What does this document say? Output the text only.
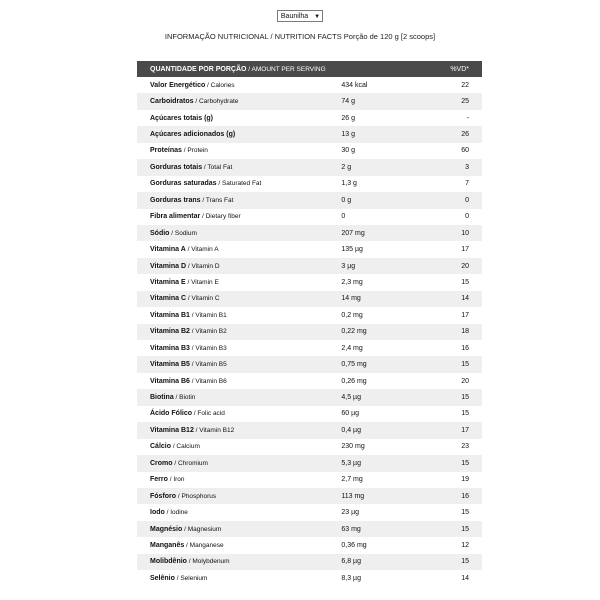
Baunilha ▼
INFORMAÇÃO NUTRICIONAL / NUTRITION FACTS Porção de 120 g [2 scoops]
QUANTIDADE POR PORÇÃO / AMOUNT PER SERVING		%VD*
Valor Energético / Calories	434 kcal	22
Carboidratos / Carbohydrate	74 g	25
Açúcares totais (g)	26 g	-
Açúcares adicionados (g)	13 g	26
Proteínas / Protein	30 g	60
Gorduras totais / Total Fat	2 g	3
Gorduras saturadas / Saturated Fat	1,3 g	7
Gorduras trans / Trans Fat	0 g	0
Fibra alimentar / Dietary fiber	0	0
Sódio / Sodium	207 mg	10
Vitamina A / Vitamin A	135 µg	17
Vitamina D / Vitamin D	3 µg	20
Vitamina E / Vitamin E	2,3 mg	15
Vitamina C / Vitamin C	14 mg	14
Vitamina B1 / Vitamin B1	0,2 mg	17
Vitamina B2 / Vitamin B2	0,22 mg	18
Vitamina B3 / Vitamin B3	2,4 mg	16
Vitamina B5 / Vitamin B5	0,75 mg	15
Vitamina B6 / Vitamin B6	0,26 mg	20
Biotina / Biotin	4,5 µg	15
Ácido Fólico / Folic acid	60 µg	15
Vitamina B12 / Vitamin B12	0,4 µg	17
Cálcio / Calcium	230 mg	23
Cromo / Chromium	5,3 µg	15
Ferro / Iron	2,7 mg	19
Fósforo / Phosphorus	113 mg	16
Iodo / Iodine	23 µg	15
Magnésio / Magnesium	63 mg	15
Manganês / Manganese	0,36 mg	12
Molibdênio / Molybdenum	6,8 µg	15
Selênio / Selenium	8,3 µg	14
